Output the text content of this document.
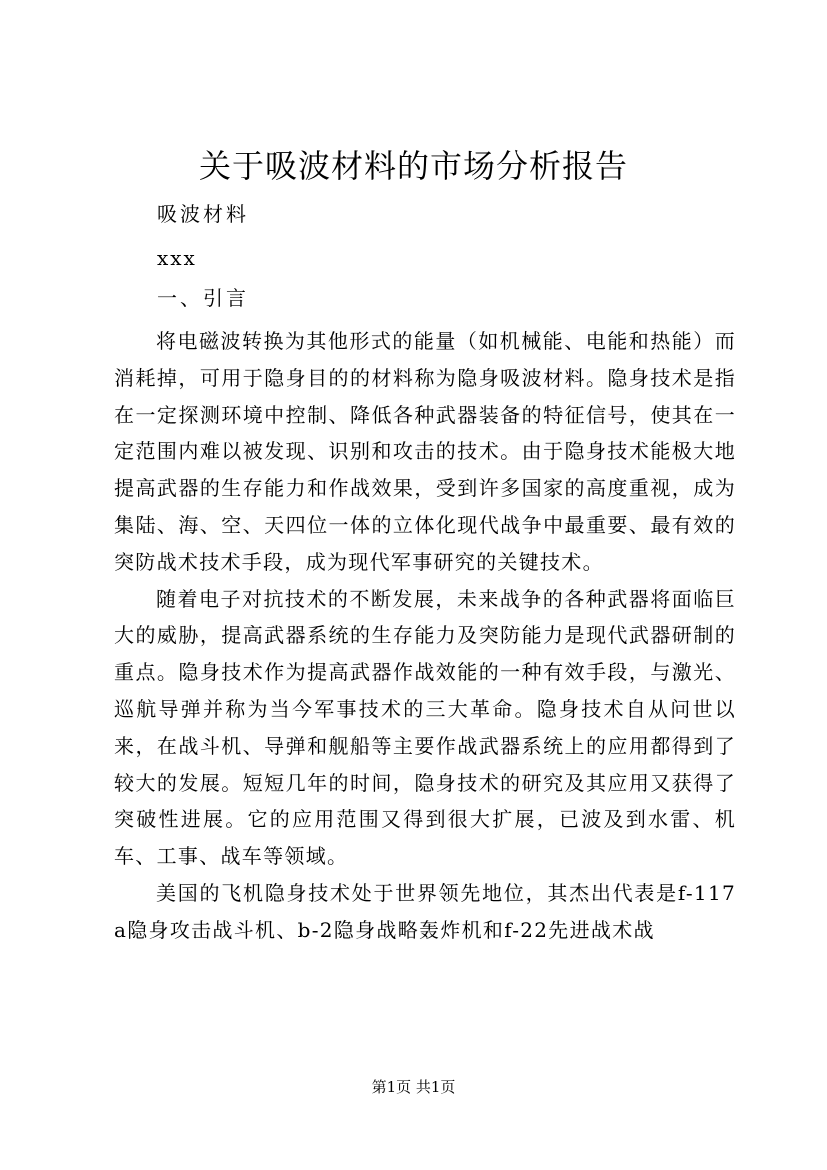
关于吸波材料的市场分析报告

吸波材料

xxx

一、引言

将电磁波转换为其他形式的能量（如机械能、电能和热能）而消耗掉，可用于隐身目的的材料称为隐身吸波材料。隐身技术是指在一定探测环境中控制、降低各种武器装备的特征信号，使其在一定范围内难以被发现、识别和攻击的技术。由于隐身技术能极大地提高武器的生存能力和作战效果，受到许多国家的高度重视，成为集陆、海、空、天四位一体的立体化现代战争中最重要、最有效的突防战术技术手段，成为现代军事研究的关键技术。

随着电子对抗技术的不断发展，未来战争的各种武器将面临巨大的威胁，提高武器系统的生存能力及突防能力是现代武器研制的重点。隐身技术作为提高武器作战效能的一种有效手段，与激光、巡航导弹并称为当今军事技术的三大革命。隐身技术自从问世以来，在战斗机、导弹和舰船等主要作战武器系统上的应用都得到了较大的发展。短短几年的时间，隐身技术的研究及其应用又获得了突破性进展。它的应用范围又得到很大扩展，已波及到水雷、机车、工事、战车等领域。

美国的飞机隐身技术处于世界领先地位，其杰出代表是f-117a隐身攻击战斗机、b-2隐身战略轰炸机和f-22先进战术战

第1页 共1页
